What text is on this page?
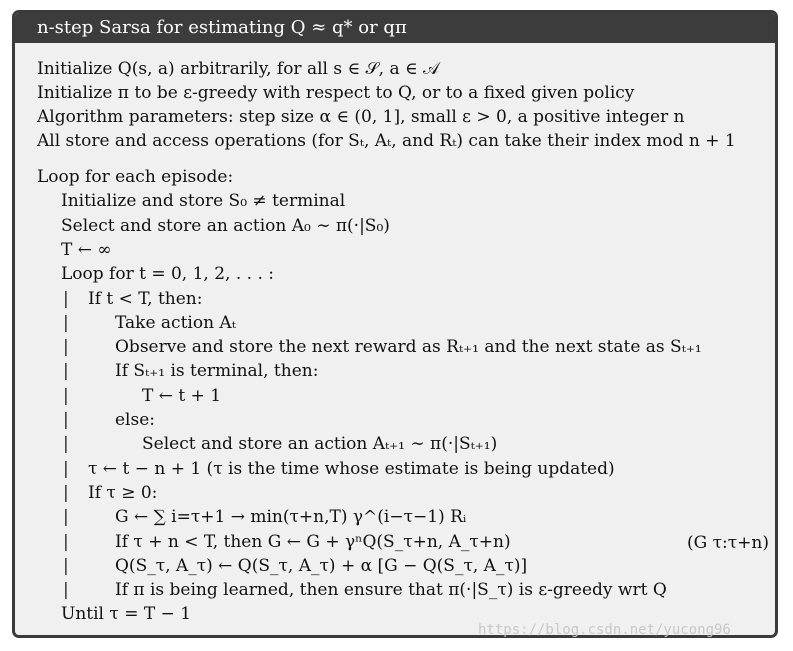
n-step Sarsa for estimating Q ≈ q* or qπ
Initialize Q(s, a) arbitrarily, for all s ∈ 𝒮, a ∈ 𝒜
Initialize π to be ε-greedy with respect to Q, or to a fixed given policy
Algorithm parameters: step size α ∈ (0, 1], small ε > 0, a positive integer n
All store and access operations (for Sₜ, Aₜ, and Rₜ) can take their index mod n + 1
(G τ:τ+n)
Loop for each episode:
Initialize and store S₀ ≠ terminal
Select and store an action A₀ ∼ π(·|S₀)
T ← ∞
Loop for t = 0, 1, 2, . . . :
| If t < T, then:
|	Take action Aₜ
|	Observe and store the next reward as Rₜ₊₁ and the next state as Sₜ₊₁
|	If Sₜ₊₁ is terminal, then:
|	T ← t + 1
|	else:
|	Select and store an action Aₜ₊₁ ∼ π(·|Sₜ₊₁)
| τ ← t − n + 1 (τ is the time whose estimate is being updated)
| If τ ≥ 0:
|	G ← ∑ i=τ+1 → min(τ+n,T) γ^(i−τ−1) Rᵢ
|	If τ + n < T, then G ← G + γⁿQ(S_τ+n, A_τ+n)
|	Q(S_τ, A_τ) ← Q(S_τ, A_τ) + α [G − Q(S_τ, A_τ)]
|	If π is being learned, then ensure that π(·|S_τ) is ε-greedy wrt Q
Until τ = T − 1
https://blog.csdn.net/yucong96
